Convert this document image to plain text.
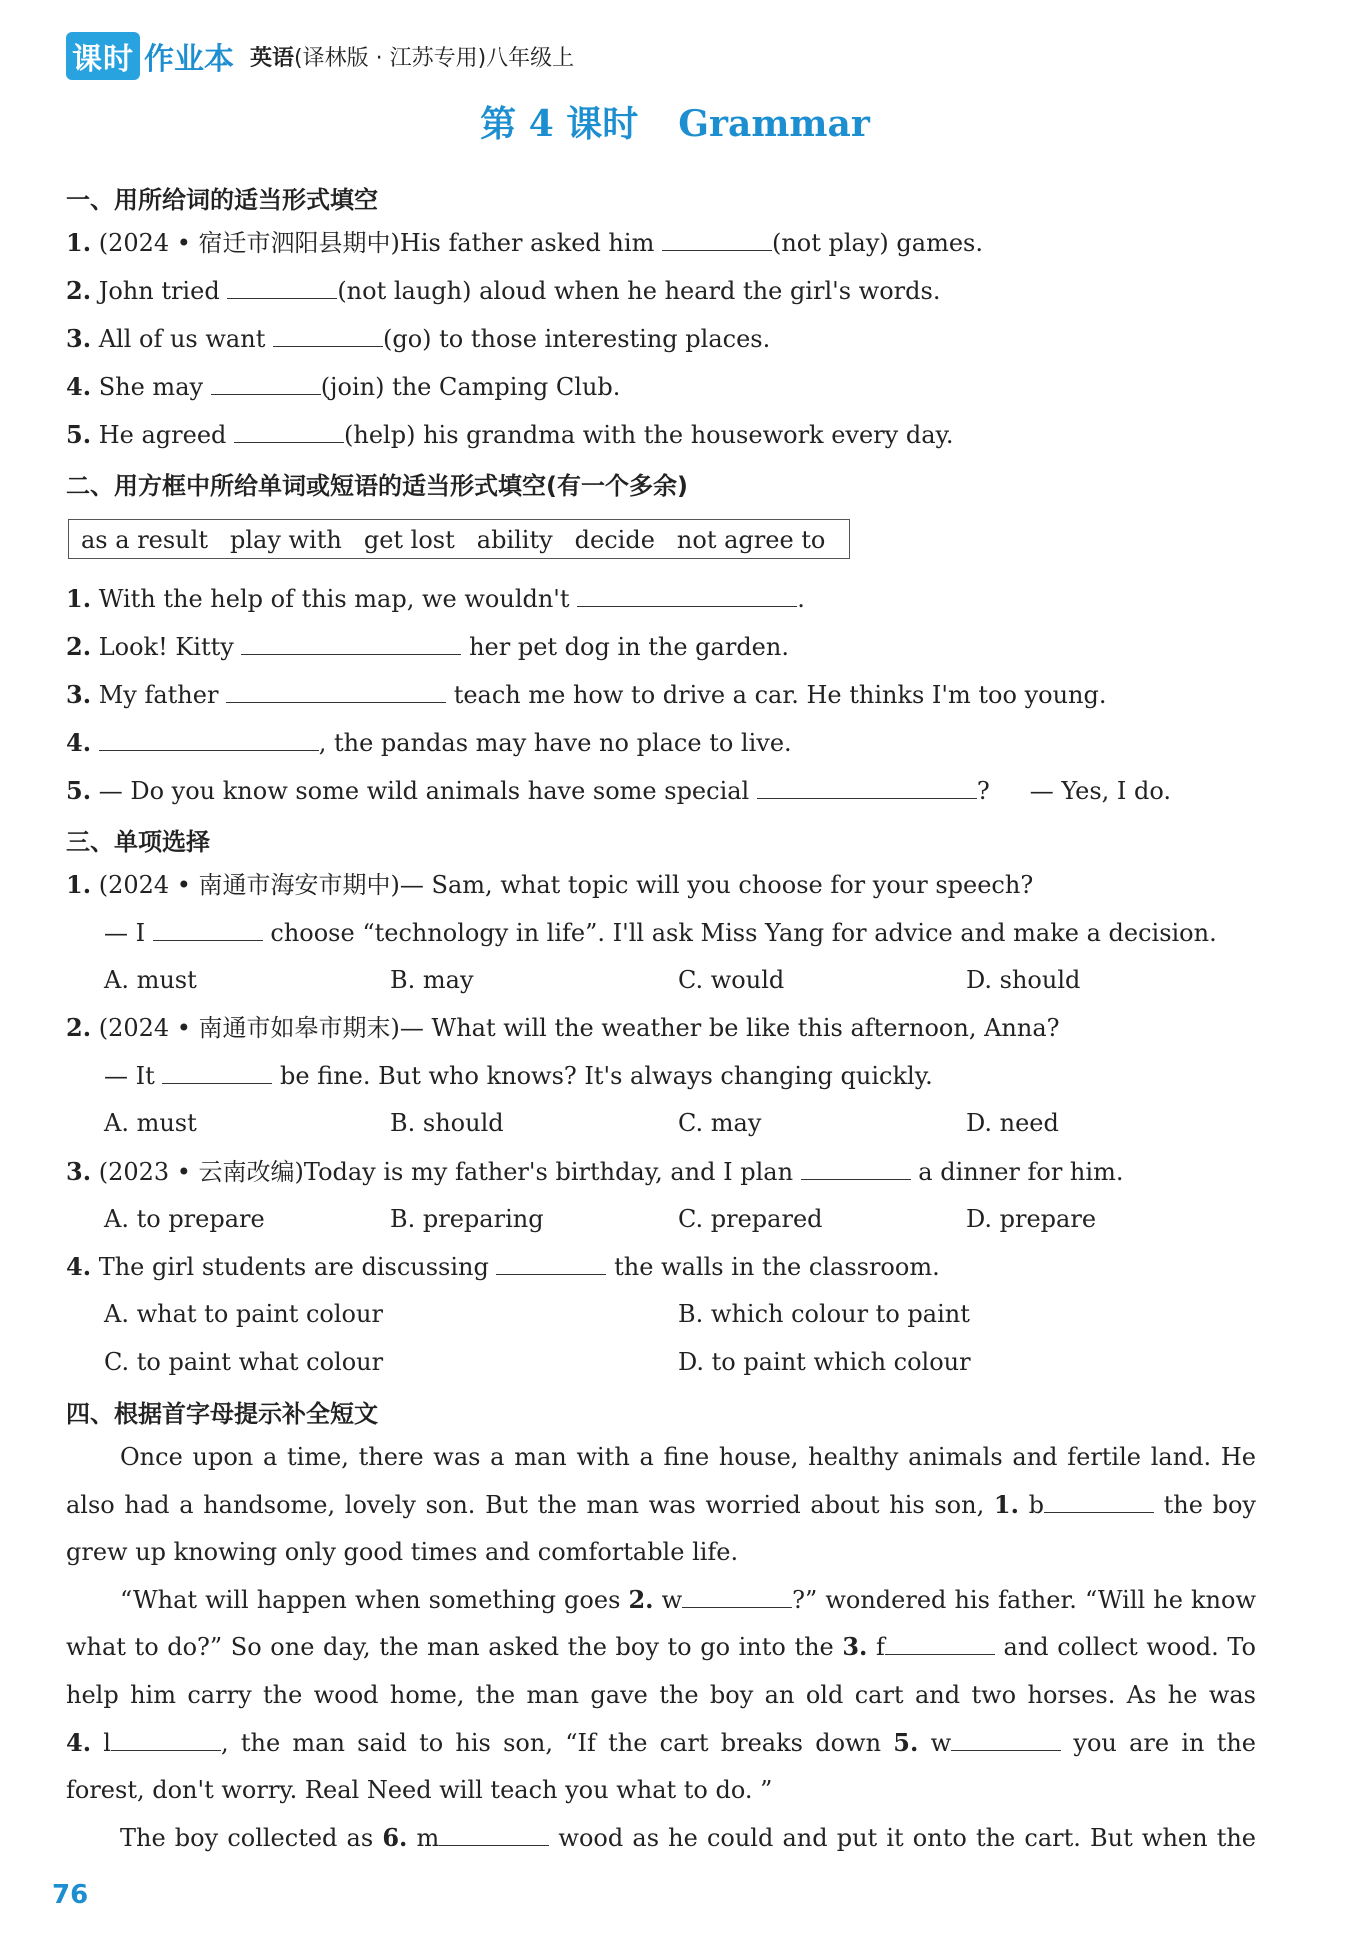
课时 作业本 英语(译林版 · 江苏专用)八年级上
第 4 课时 Grammar
一、用所给词的适当形式填空
1. (2024 • 宿迁市泗阳县期中)His father asked him	(not play) games.
2. John tried	(not laugh) aloud when he heard the girl's words.
3. All of us want	(go) to those interesting places.
4. She may	(join) the Camping Club.
5. He agreed	(help) his grandma with the housework every day.
二、用方框中所给单词或短语的适当形式填空(有一个多余)
as a result play with get lost ability decide not agree to
1. With the help of this map, we wouldn't	.
2. Look! Kitty	her pet dog in the garden.
3. My father	teach me how to drive a car. He thinks I'm too young.
4.	, the pandas may have no place to live.
5. — Do you know some wild animals have some special	? — Yes, I do.
三、单项选择
1. (2024 • 南通市海安市期中)— Sam, what topic will you choose for your speech?
— I	choose “technology in life”. I'll ask Miss Yang for advice and make a decision.
A. must	B. may	C. would	D. should
2. (2024 • 南通市如皋市期末)— What will the weather be like this afternoon, Anna?
— It	be fine. But who knows? It's always changing quickly.
A. must	B. should	C. may	D. need
3. (2023 • 云南改编)Today is my father's birthday, and I plan	a dinner for him.
A. to prepare	B. preparing	C. prepared	D. prepare
4. The girl students are discussing	the walls in the classroom.
A. what to paint colour	B. which colour to paint
C. to paint what colour	D. to paint which colour
四、根据首字母提示补全短文
Once upon a time, there was a man with a fine house, healthy animals and fertile land. He
also had a handsome, lovely son. But the man was worried about his son, 1. b	the boy
grew up knowing only good times and comfortable life.
“What will happen when something goes 2. w	?” wondered his father. “Will he know
what to do?” So one day, the man asked the boy to go into the 3. f	and collect wood. To
help him carry the wood home, the man gave the boy an old cart and two horses. As he was
4. l	, the man said to his son, “If the cart breaks down 5. w	you are in the
forest, don't worry. Real Need will teach you what to do. ”
The boy collected as 6. m	wood as he could and put it onto the cart. But when the
76
